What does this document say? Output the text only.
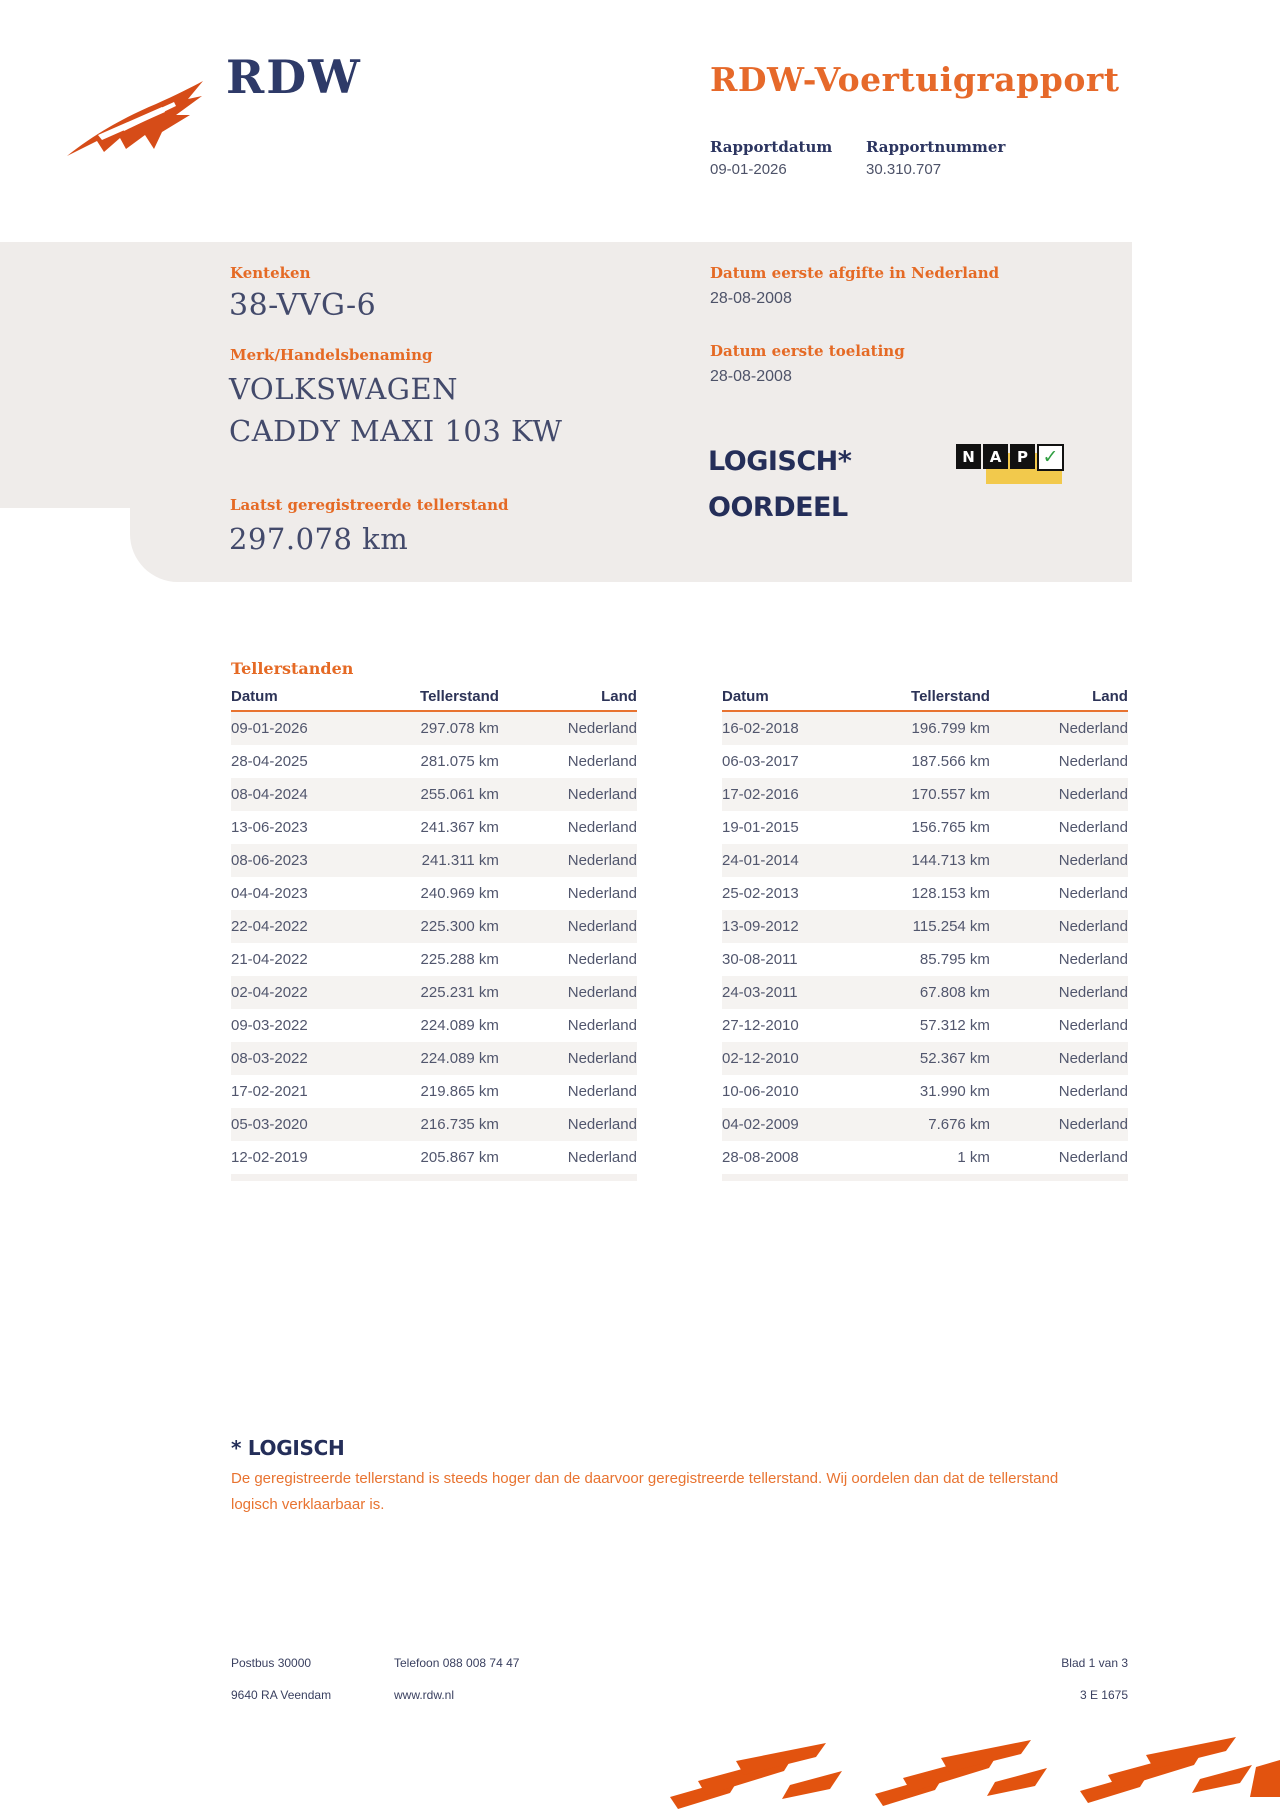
RDW	RDW-Voertuigrapport
Rapportdatum Rapportnummer
09-01-2026	30.310.707
Kenteken
38-VVG-6
Merk/Handelsbenaming
VOLKSWAGEN
CADDY MAXI 103 KW
Laatst geregistreerde tellerstand
297.078 km
Datum eerste afgifte in Nederland
28-08-2008
Datum eerste toelating
28-08-2008
LOGISCH*
OORDEEL
N A	P ✓
Tellerstanden
Datum	Tellerstand	Land
09-01-2026	297.078 km	Nederland
28-04-2025	281.075 km	Nederland
08-04-2024	255.061 km	Nederland
13-06-2023	241.367 km	Nederland
08-06-2023	241.311 km	Nederland
04-04-2023	240.969 km	Nederland
22-04-2022	225.300 km	Nederland
21-04-2022	225.288 km	Nederland
02-04-2022	225.231 km	Nederland
09-03-2022	224.089 km	Nederland
08-03-2022	224.089 km	Nederland
17-02-2021	219.865 km	Nederland
05-03-2020	216.735 km	Nederland
12-02-2019	205.867 km	Nederland
Datum	Tellerstand	Land
16-02-2018	196.799 km	Nederland
06-03-2017	187.566 km	Nederland
17-02-2016	170.557 km	Nederland
19-01-2015	156.765 km	Nederland
24-01-2014	144.713 km	Nederland
25-02-2013	128.153 km	Nederland
13-09-2012	115.254 km	Nederland
30-08-2011	85.795 km	Nederland
24-03-2011	67.808 km	Nederland
27-12-2010	57.312 km	Nederland
02-12-2010	52.367 km	Nederland
10-06-2010	31.990 km	Nederland
04-02-2009	7.676 km	Nederland
28-08-2008	1 km	Nederland
* LOGISCH
De geregistreerde tellerstand is steeds hoger dan de daarvoor geregistreerde tellerstand. Wij oordelen dan dat de tellerstand logisch verklaarbaar is.
Postbus 30000
9640 RA Veendam
Telefoon 088 008 74 47
www.rdw.nl
Blad 1 van 3
3 E 1675
